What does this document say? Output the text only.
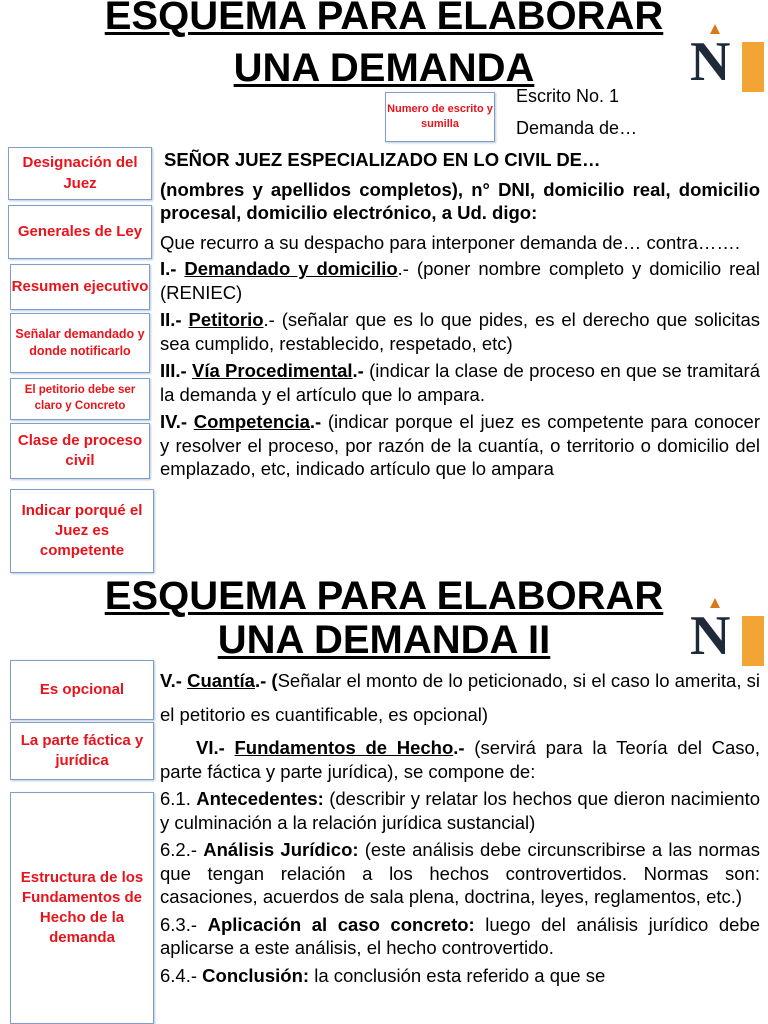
ESQUEMA PARA ELABORAR
UNA DEMANDA	N
Numero de escrito y sumilla
Escrito No. 1
Demanda de…
Designación del Juez
Generales de Ley
Resumen ejecutivo
Señalar demandado y donde notificarlo
El petitorio debe ser claro y Concreto
Clase de proceso civil
Indicar porqué el Juez es competente

SEÑOR JUEZ ESPECIALIZADO EN LO CIVIL DE…

(nombres y apellidos completos), n° DNI, domicilio real, domicilio procesal, domicilio electrónico, a Ud. digo:

Que recurro a su despacho para interponer demanda de… contra…….

I.- Demandado y domicilio.- (poner nombre completo y domicilio real (RENIEC)

II.- Petitorio.- (señalar que es lo que pides, es el derecho que solicitas sea cumplido, restablecido, respetado, etc)

III.- Vía Procedimental.- (indicar la clase de proceso en que se tramitará la demanda y el artículo que lo ampara.

IV.- Competencia.- (indicar porque el juez es competente para conocer y resolver el proceso, por razón de la cuantía, o territorio o domicilio del emplazado, etc, indicado artículo que lo ampara

ESQUEMA PARA ELABORAR
UNA DEMANDA II	N
Es opcional
La parte fáctica y jurídica
Estructura de los Fundamentos de Hecho de la demanda

V.- Cuantía.- (Señalar el monto de lo peticionado, si el caso lo amerita, si el petitorio es cuantificable, es opcional)

VI.- Fundamentos de Hecho.- (servirá para la Teoría del Caso, parte fáctica y parte jurídica), se compone de:

6.1. Antecedentes: (describir y relatar los hechos que dieron nacimiento y culminación a la relación jurídica sustancial)

6.2.- Análisis Jurídico: (este análisis debe circunscribirse a las normas que tengan relación a los hechos controvertidos. Normas son: casaciones, acuerdos de sala plena, doctrina, leyes, reglamentos, etc.)

6.3.- Aplicación al caso concreto: luego del análisis jurídico debe aplicarse a este análisis, el hecho controvertido.

6.4.- Conclusión: la conclusión esta referido a que se
